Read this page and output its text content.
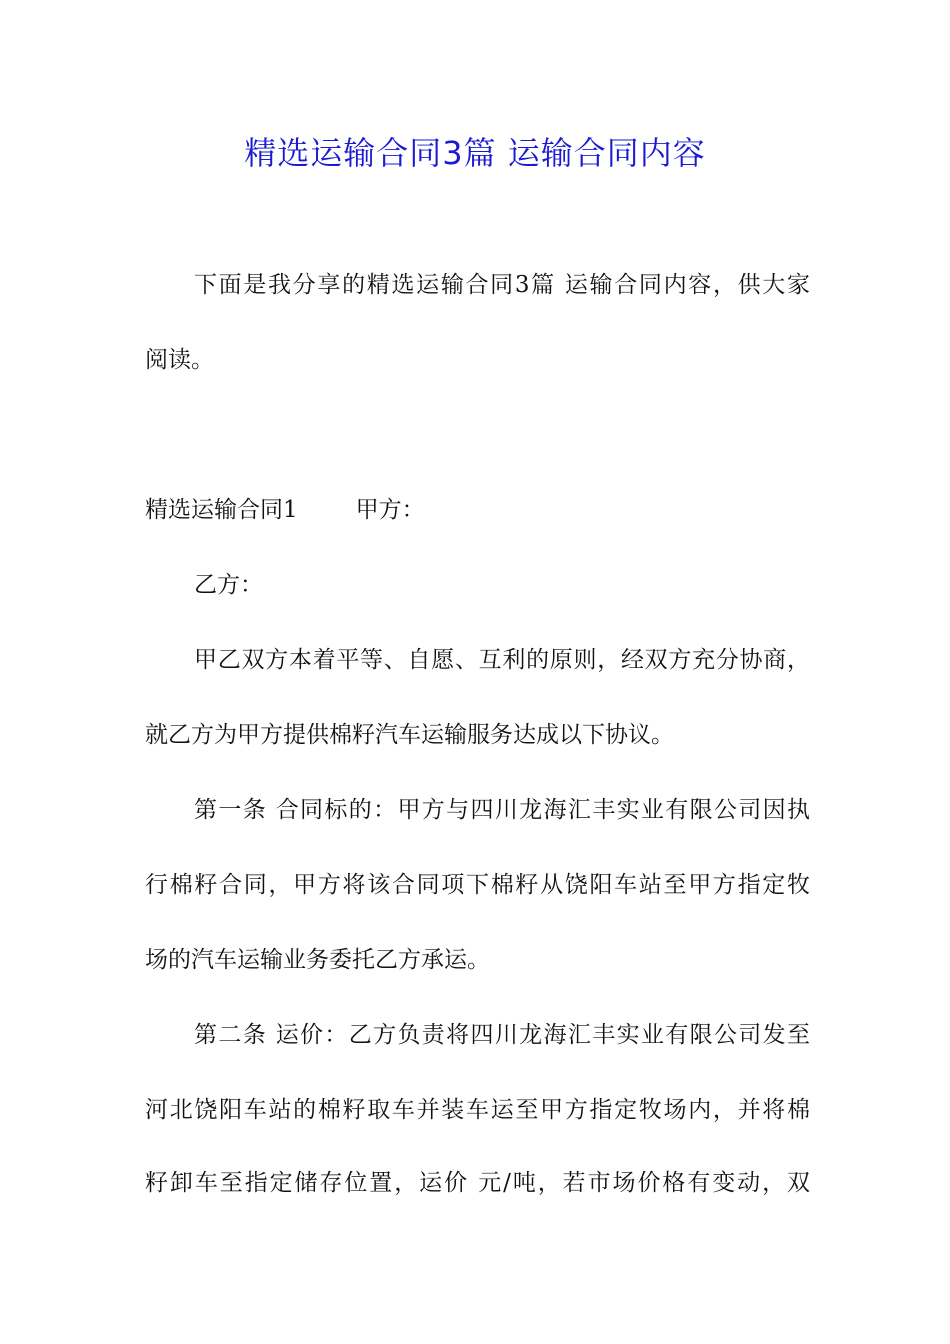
精选运输合同3篇 运输合同内容
下面是我分享的精选运输合同3篇 运输合同内容，供大家
阅读。
精选运输合同1	甲方：
乙方：
甲乙双方本着平等、自愿、互利的原则，经双方充分协商，
就乙方为甲方提供棉籽汽车运输服务达成以下协议。
第一条 合同标的：甲方与四川龙海汇丰实业有限公司因执
行棉籽合同，甲方将该合同项下棉籽从饶阳车站至甲方指定牧
场的汽车运输业务委托乙方承运。
第二条 运价：乙方负责将四川龙海汇丰实业有限公司发至
河北饶阳车站的棉籽取车并装车运至甲方指定牧场内，并将棉
籽卸车至指定储存位置，运价 元/吨，若市场价格有变动，双
